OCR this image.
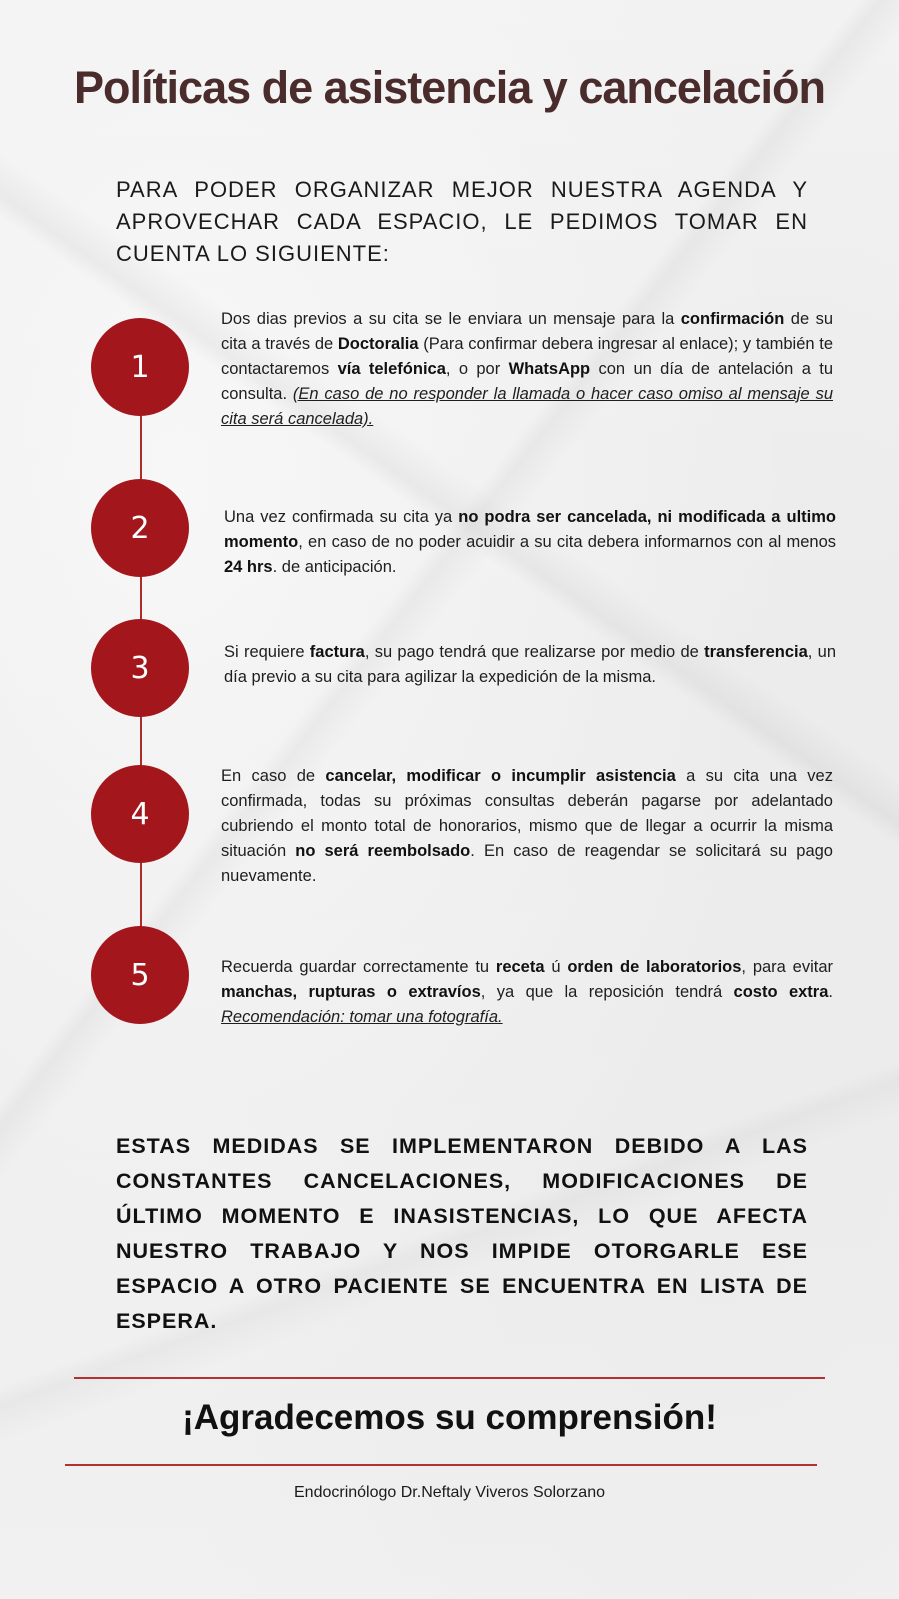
Políticas de asistencia y cancelación

PARA PODER ORGANIZAR MEJOR NUESTRA AGENDA Y APROVECHAR CADA ESPACIO, LE PEDIMOS TOMAR EN CUENTA LO SIGUIENTE:

1

Dos dias previos a su cita se le enviara un mensaje para la confirmación de su cita a través de Doctoralia (Para confirmar debera ingresar al enlace); y también te contactaremos vía telefónica, o por WhatsApp con un día de antelación a tu consulta. (En caso de no responder la llamada o hacer caso omiso al mensaje su cita será cancelada).

2	Una vez confirmada su cita ya no podra ser cancelada, ni modificada a ultimo momento, en caso de no poder acuidir a su cita debera informarnos con al menos 24 hrs. de anticipación.

3	Si requiere factura, su pago tendrá que realizarse por medio de transferencia, un día previo a su cita para agilizar la expedición de la misma.

4

En caso de cancelar, modificar o incumplir asistencia a su cita una vez confirmada, todas su próximas consultas deberán pagarse por adelantado cubriendo el monto total de honorarios, mismo que de llegar a ocurrir la misma situación no será reembolsado. En caso de reagendar se solicitará su pago nuevamente.

5	Recuerda guardar correctamente tu receta ú orden de laboratorios, para evitar manchas, rupturas o extravíos, ya que la reposición tendrá costo extra. Recomendación: tomar una fotografía.

ESTAS MEDIDAS SE IMPLEMENTARON DEBIDO A LAS CONSTANTES CANCELACIONES, MODIFICACIONES DE ÚLTIMO MOMENTO E INASISTENCIAS, LO QUE AFECTA NUESTRO TRABAJO Y NOS IMPIDE OTORGARLE ESE ESPACIO A OTRO PACIENTE SE ENCUENTRA EN LISTA DE ESPERA.

¡Agradecemos su comprensión!

Endocrinólogo Dr.Neftaly Viveros Solorzano
